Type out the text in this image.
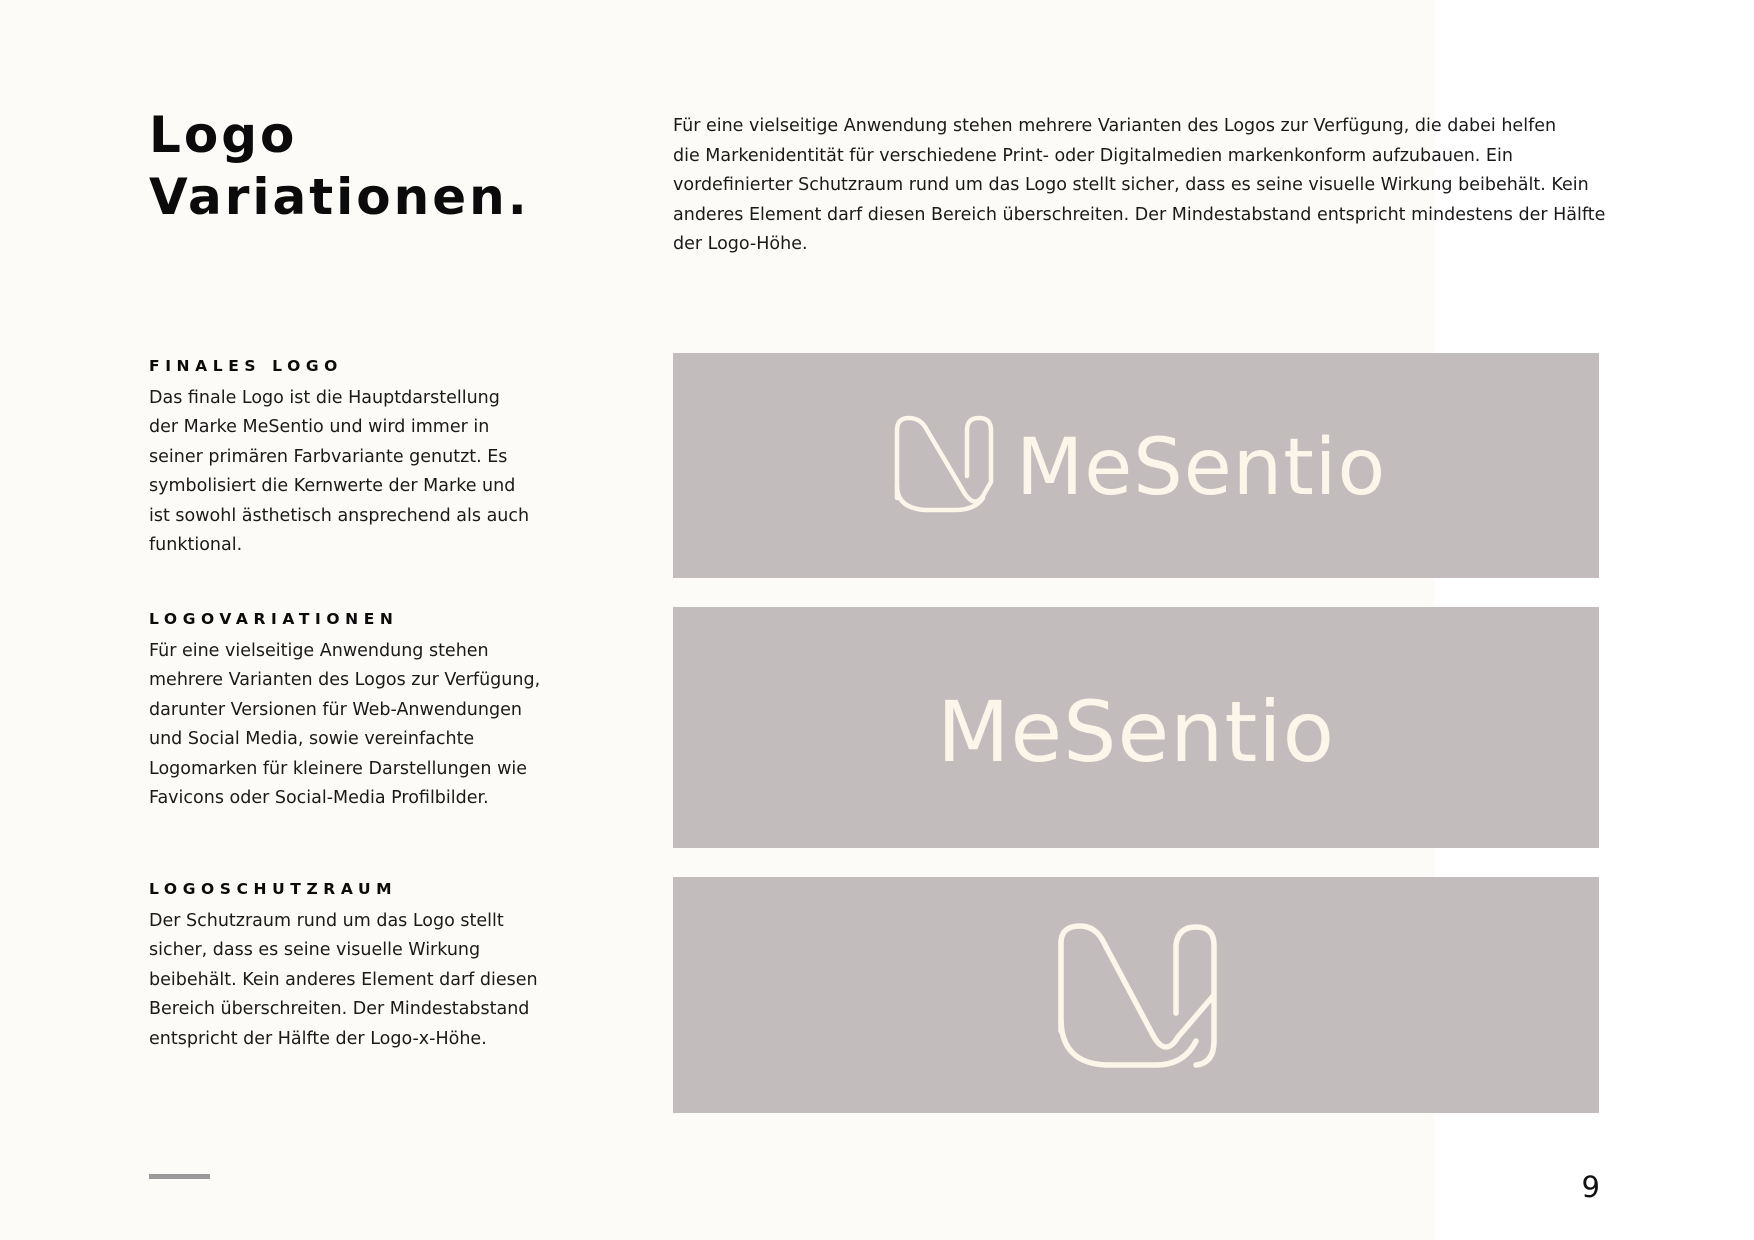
Logo
Variationen.

Für eine vielseitige Anwendung stehen mehrere Varianten des Logos zur Verfügung, die dabei helfen
die Markenidentität für verschiedene Print- oder Digitalmedien markenkonform aufzubauen. Ein
vordefinierter Schutzraum rund um das Logo stellt sicher, dass es seine visuelle Wirkung beibehält. Kein
anderes Element darf diesen Bereich überschreiten. Der Mindestabstand entspricht mindestens der Hälfte
der Logo-Höhe.

FINALES LOGO

Das finale Logo ist die Hauptdarstellung
der Marke MeSentio und wird immer in
seiner primären Farbvariante genutzt. Es
symbolisiert die Kernwerte der Marke und
ist sowohl ästhetisch ansprechend als auch
funktional.

LOGOVARIATIONEN

Für eine vielseitige Anwendung stehen
mehrere Varianten des Logos zur Verfügung,
darunter Versionen für Web-Anwendungen
und Social Media, sowie vereinfachte
Logomarken für kleinere Darstellungen wie
Favicons oder Social-Media Profilbilder.

LOGOSCHUTZRAUM

Der Schutzraum rund um das Logo stellt
sicher, dass es seine visuelle Wirkung
beibehält. Kein anderes Element darf diesen
Bereich überschreiten. Der Mindestabstand
entspricht der Hälfte der Logo-x-Höhe.

MeSentio
MeSentio
9
